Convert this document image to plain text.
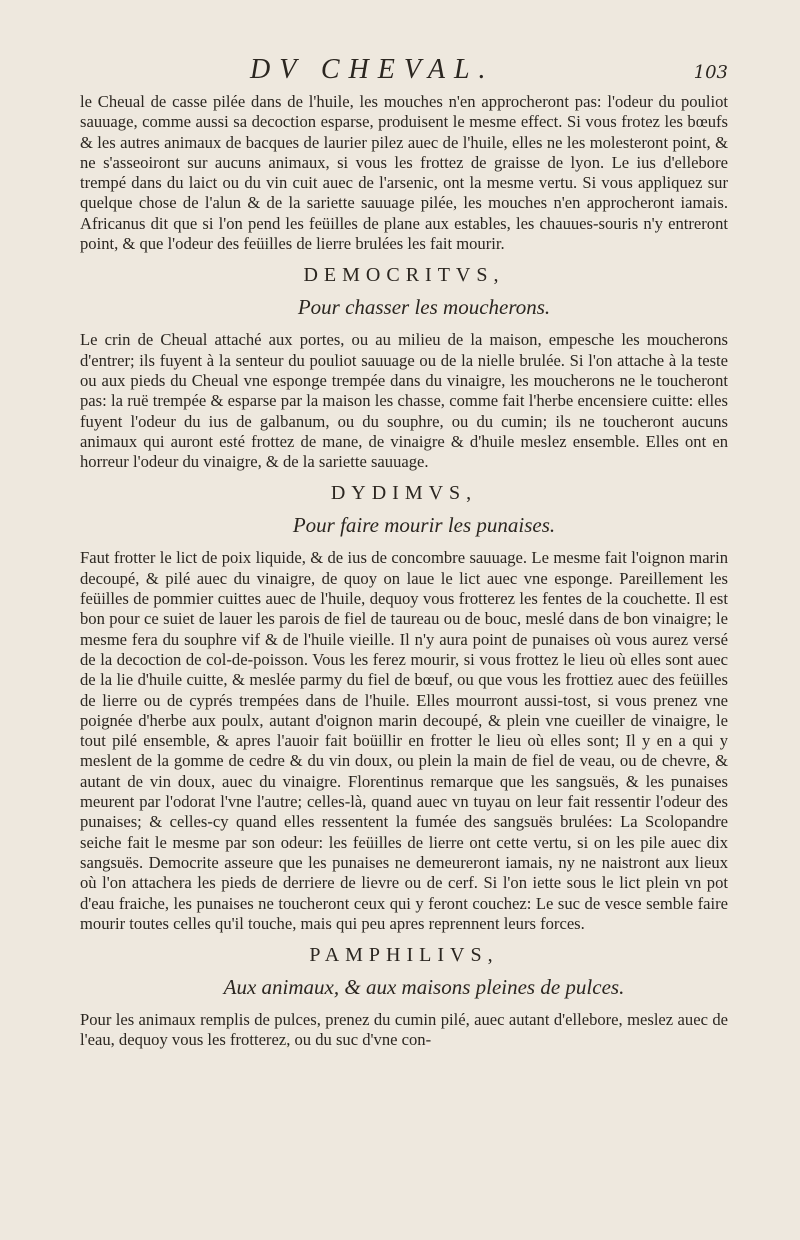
DV CHEVAL.	103

le Cheual de casse pilée dans de l'huile, les mouches n'en approcheront pas: l'odeur du pouliot sauuage, comme aussi sa decoction esparse, produisent le mesme effect. Si vous frotez les bœufs & les autres animaux de bacques de laurier pilez auec de l'huile, elles ne les molesteront point, & ne s'asseoiront sur aucuns animaux, si vous les frottez de graisse de lyon. Le ius d'ellebore trempé dans du laict ou du vin cuit auec de l'arsenic, ont la mesme vertu. Si vous appliquez sur quelque chose de l'alun & de la sariette sauuage pilée, les mouches n'en approcheront iamais. Africanus dit que si l'on pend les feüilles de plane aux estables, les chauues-souris n'y entreront point, & que l'odeur des feüilles de lierre brulées les fait mourir.

DEMOCRITVS,
Pour chasser les moucherons.

Le crin de Cheual attaché aux portes, ou au milieu de la maison, empesche les moucherons d'entrer; ils fuyent à la senteur du pouliot sauuage ou de la nielle brulée. Si l'on attache à la teste ou aux pieds du Cheual vne esponge trempée dans du vinaigre, les moucherons ne le toucheront pas: la ruë trempée & esparse par la maison les chasse, comme fait l'herbe encensiere cuitte: elles fuyent l'odeur du ius de galbanum, ou du souphre, ou du cumin; ils ne toucheront aucuns animaux qui auront esté frottez de mane, de vinaigre & d'huile meslez ensemble. Elles ont en horreur l'odeur du vinaigre, & de la sariette sauuage.

DYDIMVS,
Pour faire mourir les punaises.

Faut frotter le lict de poix liquide, & de ius de concombre sauuage. Le mesme fait l'oignon marin decoupé, & pilé auec du vinaigre, de quoy on laue le lict auec vne esponge. Pareillement les feüilles de pommier cuittes auec de l'huile, dequoy vous frotterez les fentes de la couchette. Il est bon pour ce suiet de lauer les parois de fiel de taureau ou de bouc, meslé dans de bon vinaigre; le mesme fera du souphre vif & de l'huile vieille. Il n'y aura point de punaises où vous aurez versé de la decoction de col-de-poisson. Vous les ferez mourir, si vous frottez le lieu où elles sont auec de la lie d'huile cuitte, & meslée parmy du fiel de bœuf, ou que vous les frottiez auec des feüilles de lierre ou de cyprés trempées dans de l'huile. Elles mourront aussi-tost, si vous prenez vne poignée d'herbe aux poulx, autant d'oignon marin decoupé, & plein vne cueiller de vinaigre, le tout pilé ensemble, & apres l'auoir fait boüillir en frotter le lieu où elles sont; Il y en a qui y meslent de la gomme de cedre & du vin doux, ou plein la main de fiel de veau, ou de chevre, & autant de vin doux, auec du vinaigre. Florentinus remarque que les sangsuës, & les punaises meurent par l'odorat l'vne l'autre; celles-là, quand auec vn tuyau on leur fait ressentir l'odeur des punaises; & celles-cy quand elles ressentent la fumée des sangsuës brulées: La Scolopandre seiche fait le mesme par son odeur: les feüilles de lierre ont cette vertu, si on les pile auec dix sangsuës. Democrite asseure que les punaises ne demeureront iamais, ny ne naistront aux lieux où l'on attachera les pieds de derriere de lievre ou de cerf. Si l'on iette sous le lict plein vn pot d'eau fraiche, les punaises ne toucheront ceux qui y feront couchez: Le suc de vesce semble faire mourir toutes celles qu'il touche, mais qui peu apres reprennent leurs forces.

PAMPHILIVS,
Aux animaux, & aux maisons pleines de pulces.

Pour les animaux remplis de pulces, prenez du cumin pilé, auec autant d'ellebore, meslez auec de l'eau, dequoy vous les frotterez, ou du suc d'vne con-
